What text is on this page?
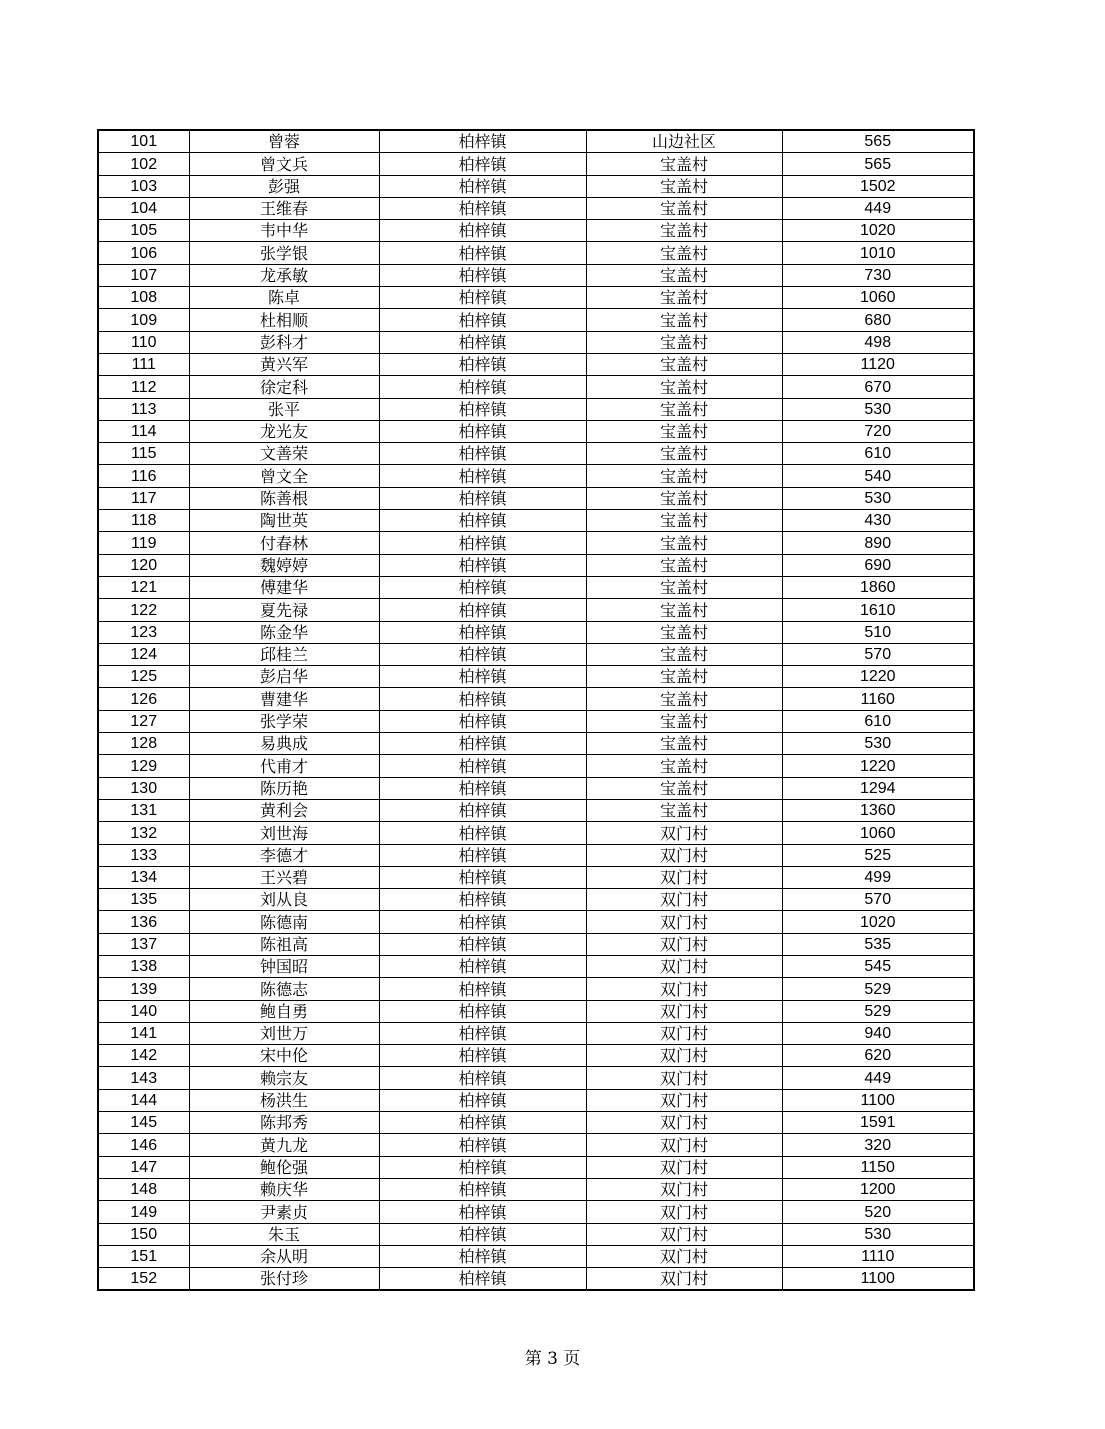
101	曾蓉	柏梓镇	山边社区	565
102	曾文兵	柏梓镇	宝盖村	565
103	彭强	柏梓镇	宝盖村	1502
104	王维春	柏梓镇	宝盖村	449
105	韦中华	柏梓镇	宝盖村	1020
106	张学银	柏梓镇	宝盖村	1010
107	龙承敏	柏梓镇	宝盖村	730
108	陈卓	柏梓镇	宝盖村	1060
109	杜相顺	柏梓镇	宝盖村	680
110	彭科才	柏梓镇	宝盖村	498
111	黄兴军	柏梓镇	宝盖村	1120
112	徐定科	柏梓镇	宝盖村	670
113	张平	柏梓镇	宝盖村	530
114	龙光友	柏梓镇	宝盖村	720
115	文善荣	柏梓镇	宝盖村	610
116	曾文全	柏梓镇	宝盖村	540
117	陈善根	柏梓镇	宝盖村	530
118	陶世英	柏梓镇	宝盖村	430
119	付春林	柏梓镇	宝盖村	890
120	魏婷婷	柏梓镇	宝盖村	690
121	傅建华	柏梓镇	宝盖村	1860
122	夏先禄	柏梓镇	宝盖村	1610
123	陈金华	柏梓镇	宝盖村	510
124	邱桂兰	柏梓镇	宝盖村	570
125	彭启华	柏梓镇	宝盖村	1220
126	曹建华	柏梓镇	宝盖村	1160
127	张学荣	柏梓镇	宝盖村	610
128	易典成	柏梓镇	宝盖村	530
129	代甫才	柏梓镇	宝盖村	1220
130	陈历艳	柏梓镇	宝盖村	1294
131	黄利会	柏梓镇	宝盖村	1360
132	刘世海	柏梓镇	双门村	1060
133	李德才	柏梓镇	双门村	525
134	王兴碧	柏梓镇	双门村	499
135	刘从良	柏梓镇	双门村	570
136	陈德南	柏梓镇	双门村	1020
137	陈祖高	柏梓镇	双门村	535
138	钟国昭	柏梓镇	双门村	545
139	陈德志	柏梓镇	双门村	529
140	鲍自勇	柏梓镇	双门村	529
141	刘世万	柏梓镇	双门村	940
142	宋中伦	柏梓镇	双门村	620
143	赖宗友	柏梓镇	双门村	449
144	杨洪生	柏梓镇	双门村	1100
145	陈邦秀	柏梓镇	双门村	1591
146	黄九龙	柏梓镇	双门村	320
147	鲍伦强	柏梓镇	双门村	1150
148	赖庆华	柏梓镇	双门村	1200
149	尹素贞	柏梓镇	双门村	520
150	朱玉	柏梓镇	双门村	530
151	余从明	柏梓镇	双门村	1110
152	张付珍	柏梓镇	双门村	1100
第 3 页
